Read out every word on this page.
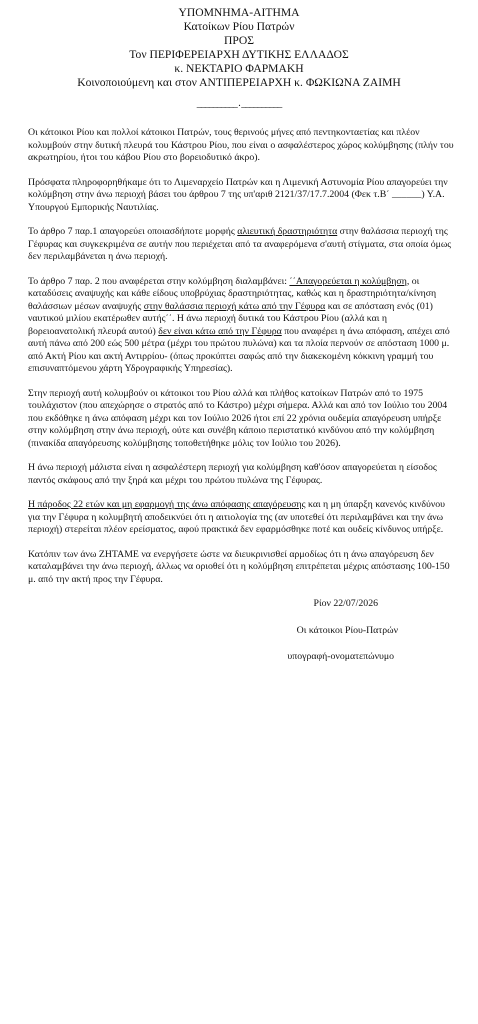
ΥΠΟΜΝΗΜΑ-ΑΙΤΗΜΑ
Κατοίκων Ρίου Πατρών
ΠΡΟΣ
Τον ΠΕΡΙΦΕΡΕΙΑΡΧΗ ΔΥΤΙΚΗΣ ΕΛΛΑΔΟΣ
κ. ΝΕΚΤΑΡΙΟ ΦΑΡΜΑΚΗ
Κοινοποιούμενη και στον ΑΝΤΙΠΕΡΕΙΑΡΧΗ κ. ΦΩΚΙΩΝΑ ΖΑΙΜΗ
__________ . __________

Οι κάτοικοι Ρίου και πολλοί κάτοικοι Πατρών, τους θερινούς μήνες από πεντηκονταετίας και πλέον κολυμβούν στην δυτική πλευρά του Κάστρου Ρίου, που είναι ο ασφαλέστερος χώρος κολύμβησης (πλήν του ακρωτηρίου, ήτοι του κάβου Ρίου στο βορειοδυτικό άκρο).

Πρόσφατα πληροφορηθήκαμε ότι το Λιμεναρχείο Πατρών και η Λιμενική Αστυνομία Ρίου απαγορεύει την κολύμβηση στην άνω περιοχή βάσει του άρθρου 7 της υπ'αριθ 2121/37/17.7.2004 (Φεκ τ.Β΄ ______) Υ.Α. Υπουργού Εμπορικής Ναυτιλίας.

Το άρθρο 7 παρ.1 απαγορεύει οποιασδήποτε μορφής αλιευτική δραστηριότητα στην θαλάσσια περιοχή της Γέφυρας και συγκεκριμένα σε αυτήν που περιέχεται από τα αναφερόμενα σ'αυτή στίγματα, στα οποία όμως δεν περιλαμβάνεται η άνω περιοχή.

Το άρθρο 7 παρ. 2 που αναφέρεται στην κολύμβηση διαλαμβάνει: ΄΄Απαγορεύεται η κολύμβηση, οι καταδύσεις αναψυχής και κάθε είδους υποβρύχιας δραστηριότητας, καθώς και η δραστηριότητα/κίνηση θαλάσσιων μέσων αναψυχής στην θαλάσσια περιοχή κάτω από την Γέφυρα και σε απόσταση ενός (01) ναυτικού μιλίου εκατέρωθεν αυτής΄΄. Η άνω περιοχή δυτικά του Κάστρου Ρίου (αλλά και η βορειοανατολική πλευρά αυτού) δεν είναι κάτω από την Γέφυρα που αναφέρει η άνω απόφαση, απέχει από αυτή πάνω από 200 εώς 500 μέτρα (μέχρι του πρώτου πυλώνα) και τα πλοία περνούν σε απόσταση 1000 μ. από Ακτή Ρίου και ακτή Αντιρρίου- (όπως προκύπτει σαφώς από την διακεκομένη κόκκινη γραμμή του επισυναπτόμενου χάρτη Υδρογραφικής Υπηρεσίας).

Στην περιοχή αυτή κολυμβούν οι κάτοικοι του Ρίου αλλά και πλήθος κατοίκων Πατρών από το 1975 τουλάχιστον (που απεχώρησε ο στρατός από το Κάστρο) μέχρι σήμερα. Αλλά και από τον Ιούλιο του 2004 που εκδόθηκε η άνω απόφαση μέχρι και τον Ιούλιο 2026 ήτοι επί 22 χρόνια ουδεμία απαγόρευση υπήρξε στην κολύμβηση στην άνω περιοχή, ούτε και συνέβη κάποιο περιστατικό κινδύνου από την κολύμβηση (πινακίδα απαγόρευσης κολύμβησης τοποθετήθηκε μόλις τον Ιούλιο του 2026).

Η άνω περιοχή μάλιστα είναι η ασφαλέστερη περιοχή για κολύμβηση καθ'όσον απαγορεύεται η είσοδος παντός σκάφους από την ξηρά και μέχρι του πρώτου πυλώνα της Γέφυρας.

Η πάροδος 22 ετών και μη εφαρμογή της άνω απόφασης απαγόρευσης και η μη ύπαρξη κανενός κινδύνου για την Γέφυρα η κολυμβητή αποδεικνύει ότι η αιτιολογία της (αν υποτεθεί ότι περιλαμβάνει και την άνω περιοχή) στερείται πλέον ερείσματος, αφού πρακτικά δεν εφαρμόσθηκε ποτέ και ουδείς κίνδυνος υπήρξε.

Κατόπιν των άνω ΖΗΤΑΜΕ να ενεργήσετε ώστε να διευκρινισθεί αρμοδίως ότι η άνω απαγόρευση δεν καταλαμβάνει την άνω περιοχή, άλλως να οριοθεί ότι η κολύμβηση επιτρέπεται μέχρις απόστασης 100-150 μ. από την ακτή προς την Γέφυρα.

Ρίον 22/07/2026
Οι κάτοικοι Ρίου-Πατρών
υπογραφή-ονοματεπώνυμο
